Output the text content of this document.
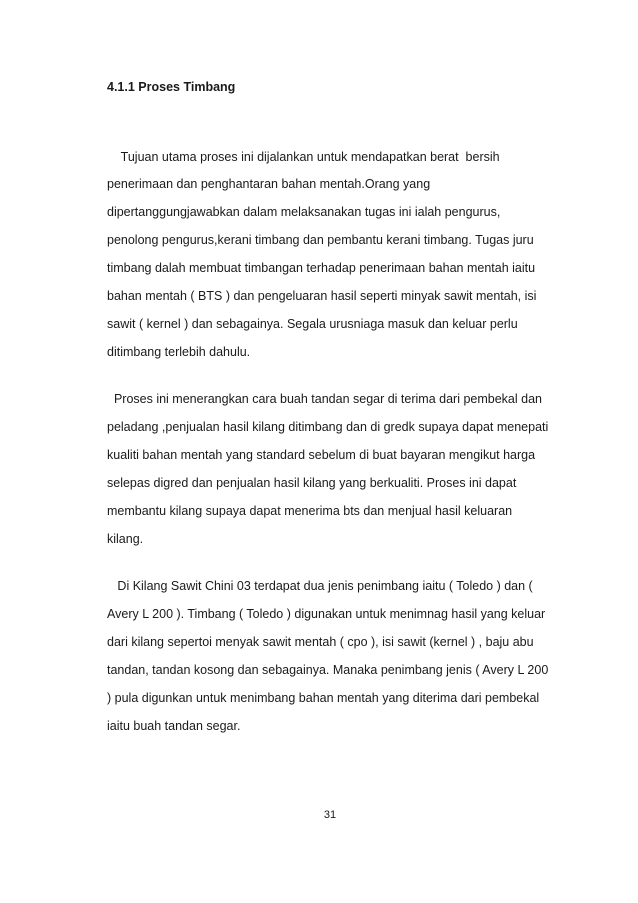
4.1.1 Proses Timbang
Tujuan utama proses ini dijalankan untuk mendapatkan berat  bersih
penerimaan dan penghantaran bahan mentah.Orang yang
dipertanggungjawabkan dalam melaksanakan tugas ini ialah pengurus,
penolong pengurus,kerani timbang dan pembantu kerani timbang. Tugas juru
timbang dalah membuat timbangan terhadap penerimaan bahan mentah iaitu
bahan mentah ( BTS ) dan pengeluaran hasil seperti minyak sawit mentah, isi
sawit ( kernel ) dan sebagainya. Segala urusniaga masuk dan keluar perlu
ditimbang terlebih dahulu.
Proses ini menerangkan cara buah tandan segar di terima dari pembekal dan
peladang ,penjualan hasil kilang ditimbang dan di gredk supaya dapat menepati
kualiti bahan mentah yang standard sebelum di buat bayaran mengikut harga
selepas digred dan penjualan hasil kilang yang berkualiti. Proses ini dapat
membantu kilang supaya dapat menerima bts dan menjual hasil keluaran
kilang.
Di Kilang Sawit Chini 03 terdapat dua jenis penimbang iaitu ( Toledo ) dan (
Avery L 200 ). Timbang ( Toledo ) digunakan untuk menimnag hasil yang keluar
dari kilang sepertoi menyak sawit mentah ( cpo ), isi sawit (kernel ) , baju abu
tandan, tandan kosong dan sebagainya. Manaka penimbang jenis ( Avery L 200
) pula digunkan untuk menimbang bahan mentah yang diterima dari pembekal
iaitu buah tandan segar.
31
